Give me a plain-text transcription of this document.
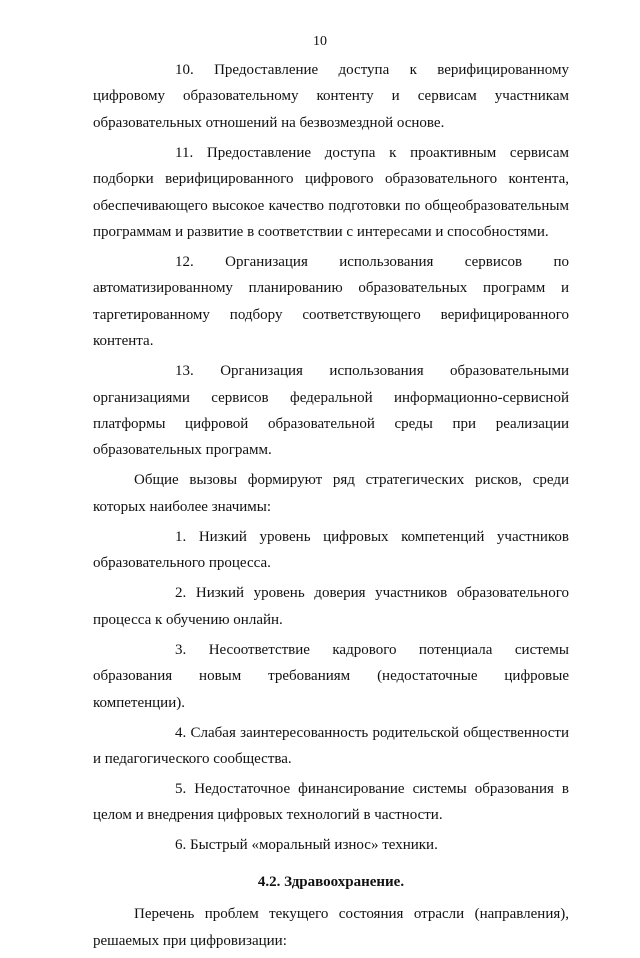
10

10. Предоставление доступа к верифицированному цифровому образовательному контенту и сервисам участникам образовательных отношений на безвозмездной основе.

11. Предоставление доступа к проактивным сервисам подборки верифицированного цифрового образовательного контента, обеспечивающего высокое качество подготовки по общеобразовательным программам и развитие в соответствии с интересами и способностями.

12. Организация использования сервисов по автоматизированному планированию образовательных программ и таргетированному подбору соответствующего верифицированного контента.

13. Организация использования образовательными организациями сервисов федеральной информационно-сервисной платформы цифровой образовательной среды при реализации образовательных программ.

Общие вызовы формируют ряд стратегических рисков, среди которых наиболее значимы:

1. Низкий уровень цифровых компетенций участников образовательного процесса.

2. Низкий уровень доверия участников образовательного процесса к обучению онлайн.

3. Несоответствие кадрового потенциала системы образования новым требованиям (недостаточные цифровые компетенции).

4. Слабая заинтересованность родительской общественности и педагогического сообщества.

5. Недостаточное финансирование системы образования в целом и внедрения цифровых технологий в частности.

6. Быстрый «моральный износ» техники.

4.2. Здравоохранение.

Перечень проблем текущего состояния отрасли (направления), решаемых при цифровизации:
